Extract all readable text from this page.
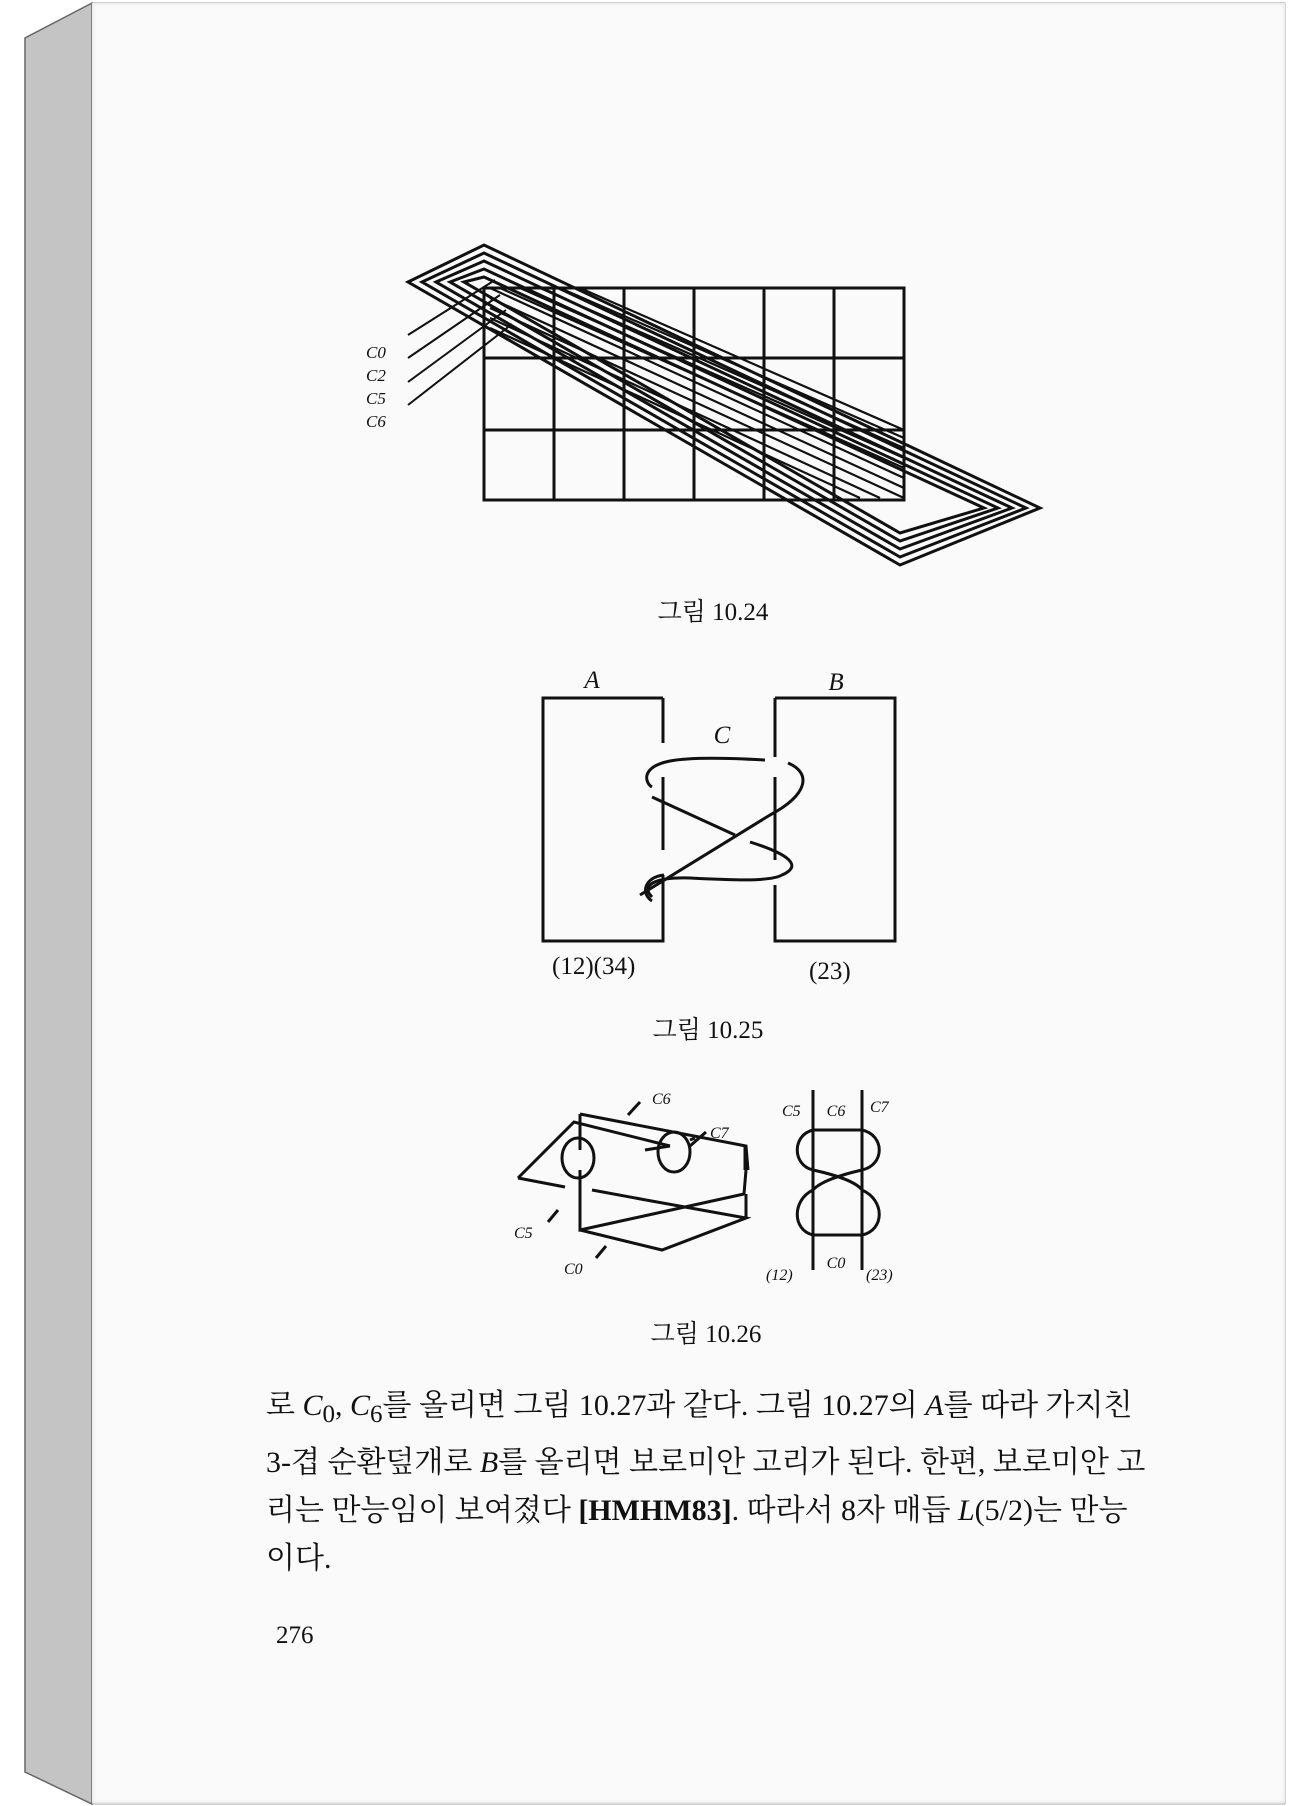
C0
C2
C5
C6
그림 10.24
A	B
C
(12)(34)	(23)
그림 10.25
C6
C7
C5
C0
C5 C6 C7
C0
(12)	(23)
그림 10.26

로 $C_0$, $C_6$를 올리면 그림 10.27과 같다. 그림 10.27의 A를 따라 가지친

3-겹 순환덮개로 B를 올리면 보로미안 고리가 된다. 한편, 보로미안 고

리는 만능임이 보여졌다 [HMHM83]. 따라서 8자 매듭 L(5/2)는 만능

이다.

276
